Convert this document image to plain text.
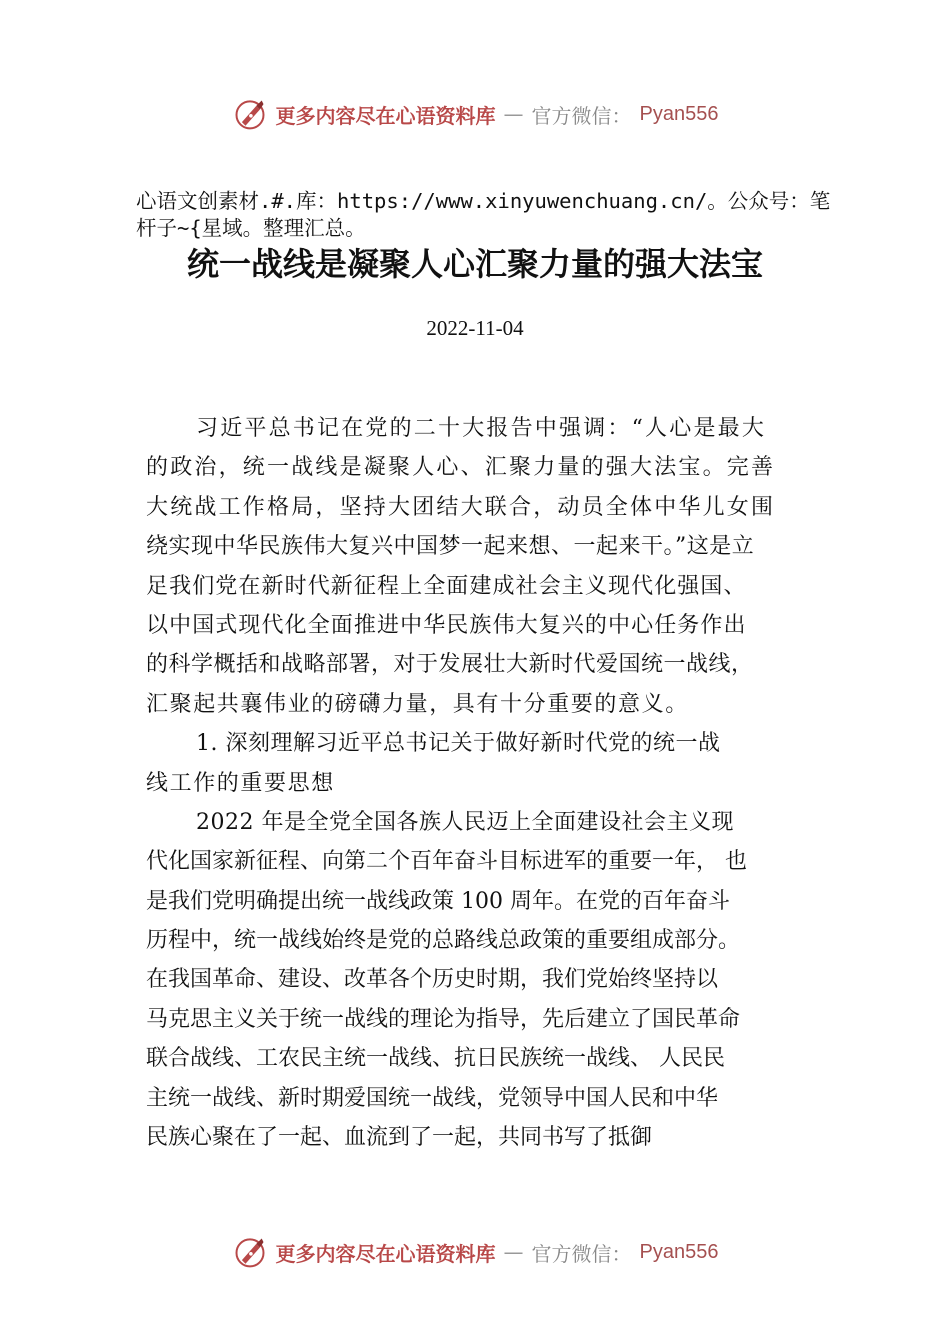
更多内容尽在心语资料库 — 官方微信： Pyan556
心语文创素材.#.库：https://www.xinyuwenchuang.cn/。公众号：笔杆子~{星域。整理汇总。
统一战线是凝聚人心汇聚力量的强大法宝
2022-11-04
习近平总书记在党的二十大报告中强调：“人心是最大
的政治，统一战线是凝聚人心、汇聚力量的强大法宝。完善
大统战工作格局，坚持大团结大联合，动员全体中华儿女围
绕实现中华民族伟大复兴中国梦一起来想、一起来干。”这是立
足我们党在新时代新征程上全面建成社会主义现代化强国、
以中国式现代化全面推进中华民族伟大复兴的中心任务作出
的科学概括和战略部署，对于发展壮大新时代爱国统一战线，
汇聚起共襄伟业的磅礴力量，具有十分重要的意义。
1. 深刻理解习近平总书记关于做好新时代党的统一战
线工作的重要思想
2022 年是全党全国各族人民迈上全面建设社会主义现
代化国家新征程、向第二个百年奋斗目标进军的重要一年， 也
是我们党明确提出统一战线政策 100 周年。在党的百年奋斗
历程中，统一战线始终是党的总路线总政策的重要组成部分。
在我国革命、建设、改革各个历史时期，我们党始终坚持以
马克思主义关于统一战线的理论为指导，先后建立了国民革命
联合战线、工农民主统一战线、抗日民族统一战线、 人民民
主统一战线、新时期爱国统一战线，党领导中国人民和中华
民族心聚在了一起、血流到了一起，共同书写了抵御
更多内容尽在心语资料库 — 官方微信： Pyan556
